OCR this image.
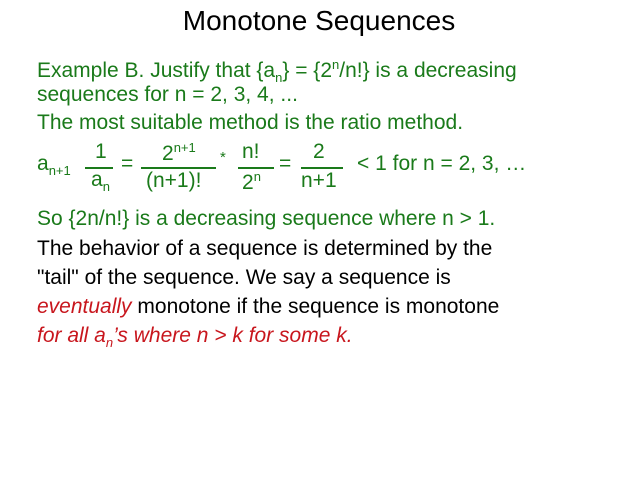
Monotone Sequences
Example B. Justify that $\{a_n\} = \{2^n/n!\}$ is a decreasing
sequences for n = 2, 3, 4, ...
The most suitable method is the ratio method.
$a_{n+1}$
1
$a_n$
= $2^{n+1}$
(n+1)!
* n!
$2^n$
=
2
n+1
< 1 for n = 2, 3, …
So {2n/n!} is a decreasing sequence where n > 1.
The behavior of a sequence is determined by the
"tail" of the sequence. We say a sequence is
eventually monotone if the sequence is monotone
for all $a_n’s$ where n > k for some k.
